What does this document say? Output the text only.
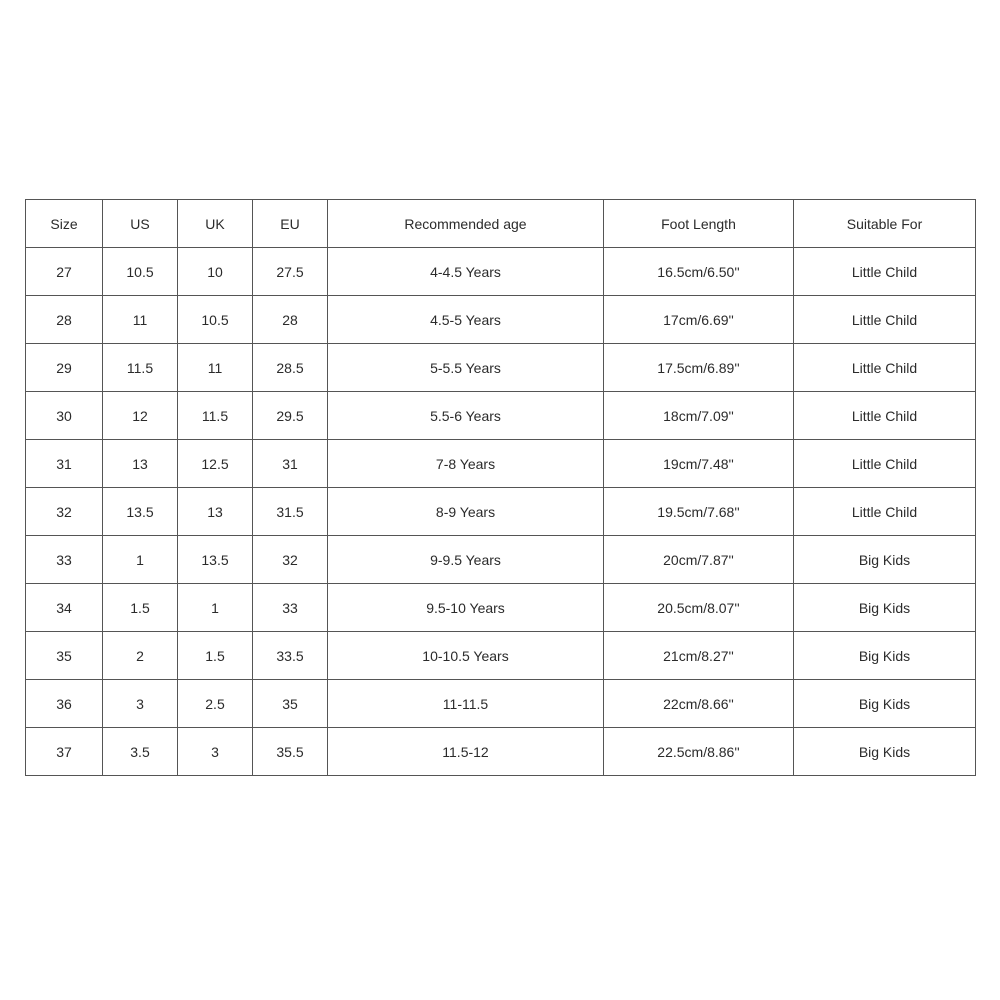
Size	US	UK	EU	Recommended age	Foot Length	Suitable For
27	10.5	10	27.5	4-4.5 Years	16.5cm/6.50''	Little Child
28	11	10.5	28	4.5-5 Years	17cm/6.69''	Little Child
29	11.5	11	28.5	5-5.5 Years	17.5cm/6.89''	Little Child
30	12	11.5	29.5	5.5-6 Years	18cm/7.09''	Little Child
31	13	12.5	31	7-8 Years	19cm/7.48''	Little Child
32	13.5	13	31.5	8-9 Years	19.5cm/7.68''	Little Child
33	1	13.5	32	9-9.5 Years	20cm/7.87''	Big Kids
34	1.5	1	33	9.5-10 Years	20.5cm/8.07''	Big Kids
35	2	1.5	33.5	10-10.5 Years	21cm/8.27''	Big Kids
36	3	2.5	35	11-11.5	22cm/8.66''	Big Kids
37	3.5	3	35.5	11.5-12	22.5cm/8.86''	Big Kids
